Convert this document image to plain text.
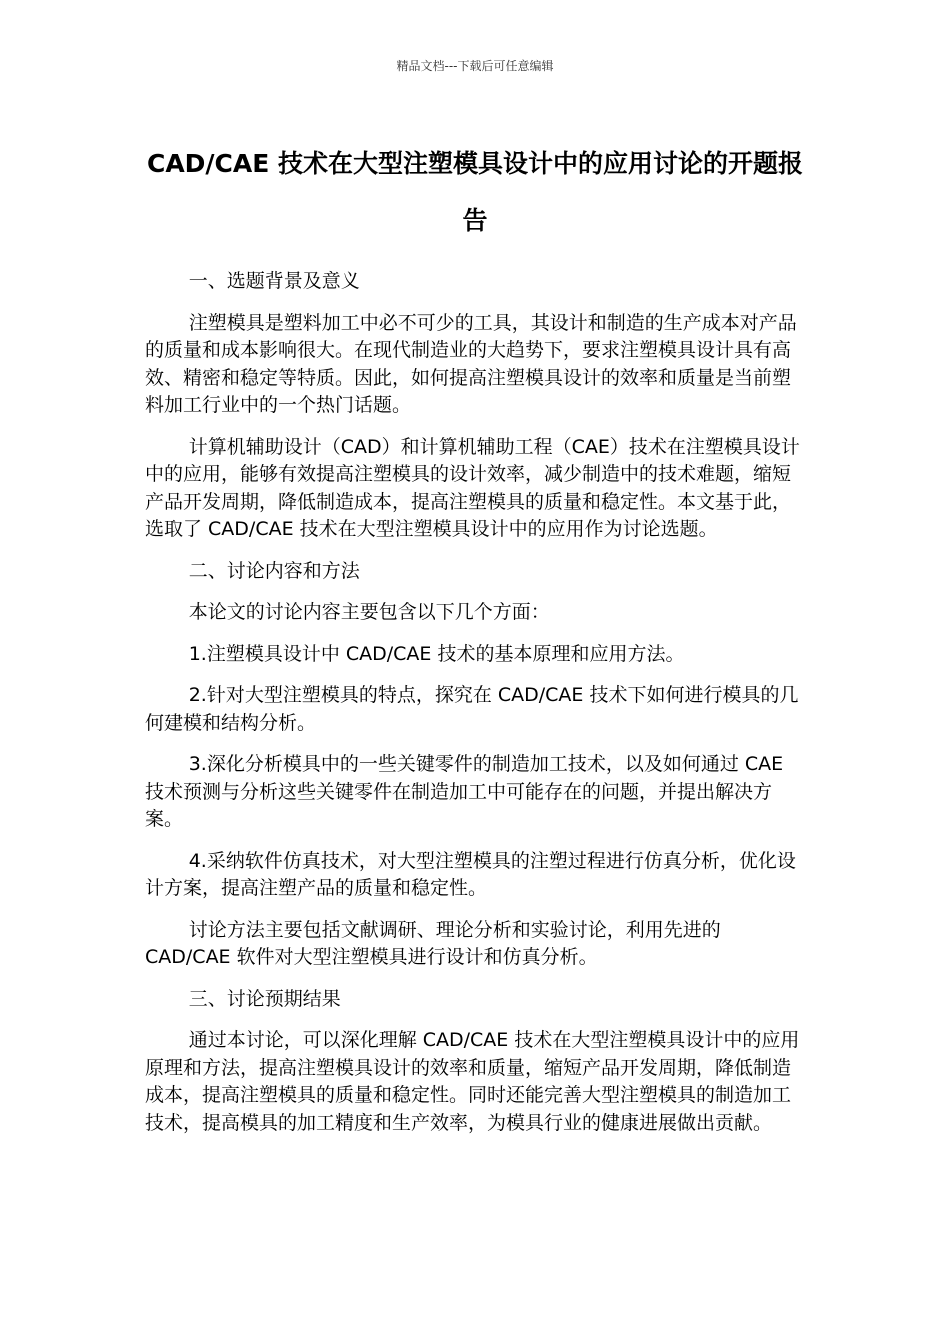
精品文档---下载后可任意编辑
CAD/CAE 技术在大型注塑模具设计中的应用讨论的开题报告

一、选题背景及意义

注塑模具是塑料加工中必不可少的工具，其设计和制造的生产成本对产品的质量和成本影响很大。在现代制造业的大趋势下，要求注塑模具设计具有高效、精密和稳定等特质。因此，如何提高注塑模具设计的效率和质量是当前塑料加工行业中的一个热门话题。

计算机辅助设计（CAD）和计算机辅助工程（CAE）技术在注塑模具设计中的应用，能够有效提高注塑模具的设计效率，减少制造中的技术难题，缩短产品开发周期，降低制造成本，提高注塑模具的质量和稳定性。本文基于此，选取了 CAD/CAE 技术在大型注塑模具设计中的应用作为讨论选题。

二、讨论内容和方法

本论文的讨论内容主要包含以下几个方面：

1.注塑模具设计中 CAD/CAE 技术的基本原理和应用方法。

2.针对大型注塑模具的特点，探究在 CAD/CAE 技术下如何进行模具的几何建模和结构分析。

3.深化分析模具中的一些关键零件的制造加工技术，以及如何通过 CAE 技术预测与分析这些关键零件在制造加工中可能存在的问题，并提出解决方案。

4.采纳软件仿真技术，对大型注塑模具的注塑过程进行仿真分析，优化设计方案，提高注塑产品的质量和稳定性。

讨论方法主要包括文献调研、理论分析和实验讨论，利用先进的 CAD/CAE 软件对大型注塑模具进行设计和仿真分析。

三、讨论预期结果

通过本讨论，可以深化理解 CAD/CAE 技术在大型注塑模具设计中的应用原理和方法，提高注塑模具设计的效率和质量，缩短产品开发周期，降低制造成本，提高注塑模具的质量和稳定性。同时还能完善大型注塑模具的制造加工技术，提高模具的加工精度和生产效率，为模具行业的健康进展做出贡献。
